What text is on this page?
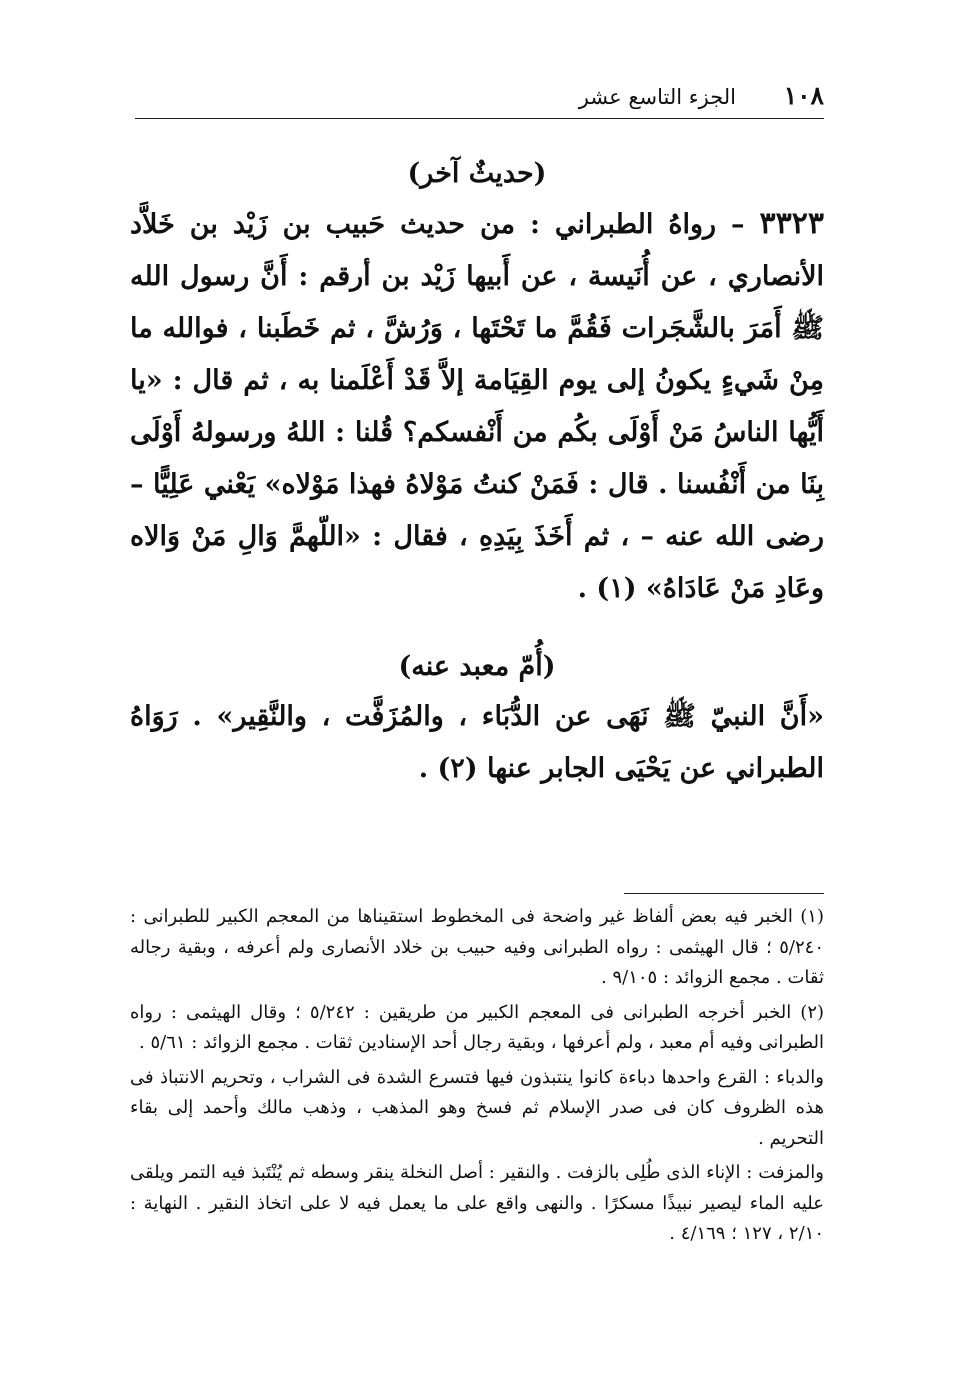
١٠٨
الجزء التاسع عشر

(حديثٌ آخر)

٣٣٢٣ – رواهُ الطبراني : من حديث حَبيب بن زَيْد بن خَلاَّد الأنصاري ، عن أُنَيسة ، عن أَبيها زَيْد بن أرقم : أَنَّ رسول الله ﷺ أَمَرَ بالشَّجَرات فَقُمَّ ما تَحْتَها ، وَرُشَّ ، ثم خَطَبنا ، فوالله ما مِنْ شَيءٍ يكونُ إلى يوم القِيَامة إلاَّ قَدْ أَعْلَمنا به ، ثم قال : «يا أَيُّها الناسُ مَنْ أَوْلَى بكُم من أَنْفسكم؟ قُلنا : اللهُ ورسولهُ أَوْلَى بِنَا من أَنْفُسنا . قال : فَمَنْ كنتُ مَوْلاهُ فهذا مَوْلاه» يَعْني عَلِيًّا – رضى الله عنه – ، ثم أَخَذَ بِيَدِهِ ، فقال : «اللّهمَّ وَالِ مَنْ وَالاه وعَادِ مَنْ عَادَاهُ» (١) .

(أُمّ معبد عنه)

«أَنَّ النبيّ ﷺ نَهَى عن الدُّبَاء ، والمُزَفَّت ، والنَّقِير» . رَوَاهُ الطبراني عن يَحْيَى الجابر عنها (٢) .

(١) الخبر فيه بعض ألفاظ غير واضحة فى المخطوط استقيناها من المعجم الكبير للطبرانى : ٥/٢٤٠ ؛ قال الهيثمى : رواه الطبرانى وفيه حبيب بن خلاد الأنصارى ولم أعرفه ، وبقية رجاله ثقات . مجمع الزوائد : ٩/١٠٥ .

(٢) الخبر أخرجه الطبرانى فى المعجم الكبير من طريقين : ٥/٢٤٢ ؛ وقال الهيثمى : رواه الطبرانى وفيه أم معبد ، ولم أعرفها ، وبقية رجال أحد الإسنادين ثقات . مجمع الزوائد : ٥/٦١ .

والدباء : القرع واحدها دباءة كانوا ينتبذون فيها فتسرع الشدة فى الشراب ، وتحريم الانتباذ فى هذه الظروف كان فى صدر الإسلام ثم فسخ وهو المذهب ، وذهب مالك وأحمد إلى بقاء التحريم .

والمزفت : الإناء الذى طُلِى بالزفت . والنقير : أصل النخلة ينقر وسطه ثم يُنْتَبذ فيه التمر ويلقى عليه الماء ليصير نبيذًا مسكرًا . والنهى واقع على ما يعمل فيه لا على اتخاذ النقير . النهاية : ٢/١٠ ، ١٢٧ ؛ ٤/١٦٩ .
